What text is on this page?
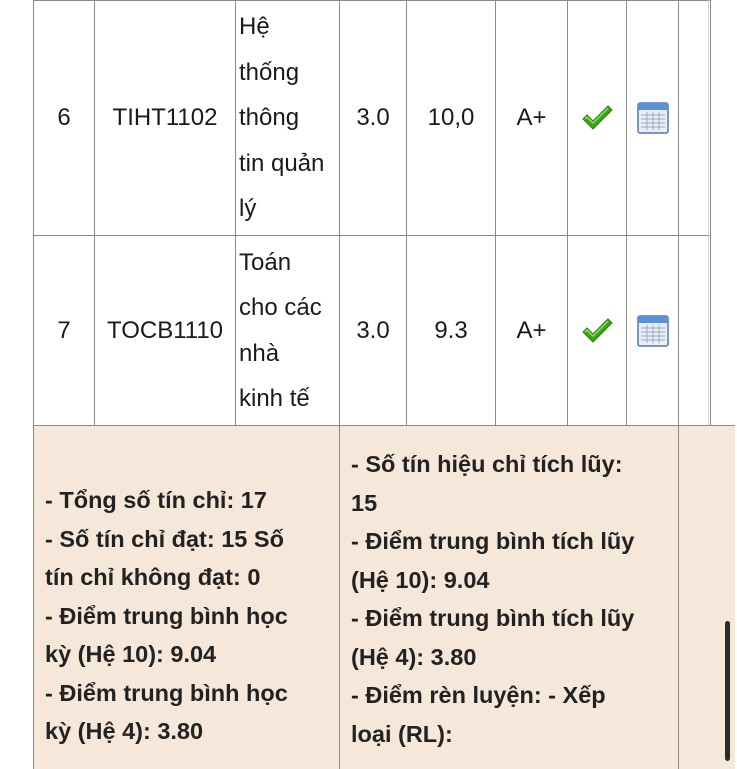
6	TIHT1102	Hệ
thống
thông
tin quản
lý	3.0	10,0	A+	

7	TOCB1110	Toán
cho các
nhà
kinh tế	3.0	9.3	A+	

- Tổng số tín chỉ: 17
- Số tín chỉ đạt: 15 Số
tín chỉ không đạt: 0
- Điểm trung bình học
kỳ (Hệ 10): 9.04
- Điểm trung bình học
kỳ (Hệ 4): 3.80
- Số tín hiệu chỉ tích lũy:
15
- Điểm trung bình tích lũy
(Hệ 10): 9.04
- Điểm trung bình tích lũy
(Hệ 4): 3.80
- Điểm rèn luyện: - Xếp
loại (RL):
